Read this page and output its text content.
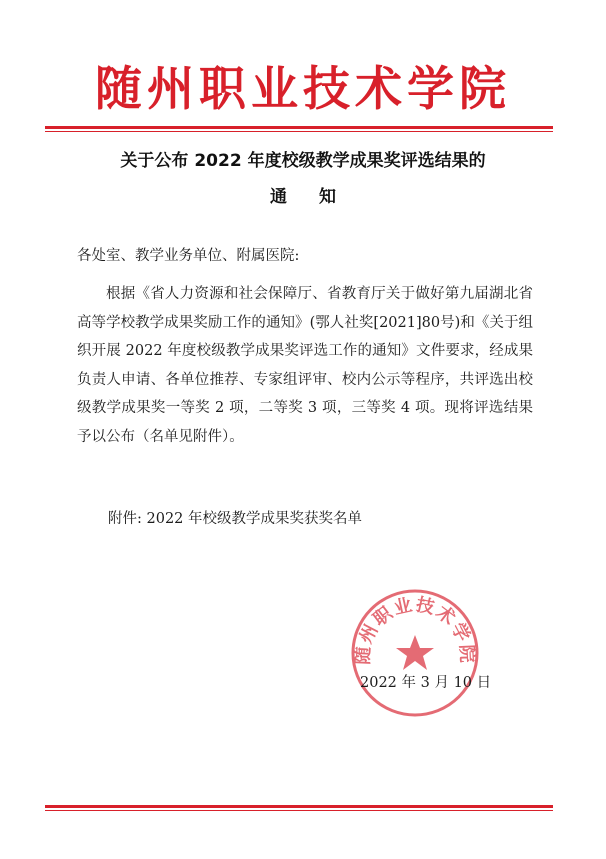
随州职业技术学院
关于公布 2022 年度校级教学成果奖评选结果的
通 知
各处室、教学业务单位、附属医院:

根据《省人力资源和社会保障厅、省教育厅关于做好第九届湖北省高等学校教学成果奖励工作的通知》(鄂人社奖[2021]80号)和《关于组织开展 2022 年度校级教学成果奖评选工作的通知》文件要求，经成果负责人申请、各单位推荐、专家组评审、校内公示等程序，共评选出校级教学成果奖一等奖 2 项，二等奖 3 项，三等奖 4 项。现将评选结果予以公布（名单见附件）。

附件: 2022 年校级教学成果奖获奖名单
随州职业技术学院
2022 年 3 月 10 日
